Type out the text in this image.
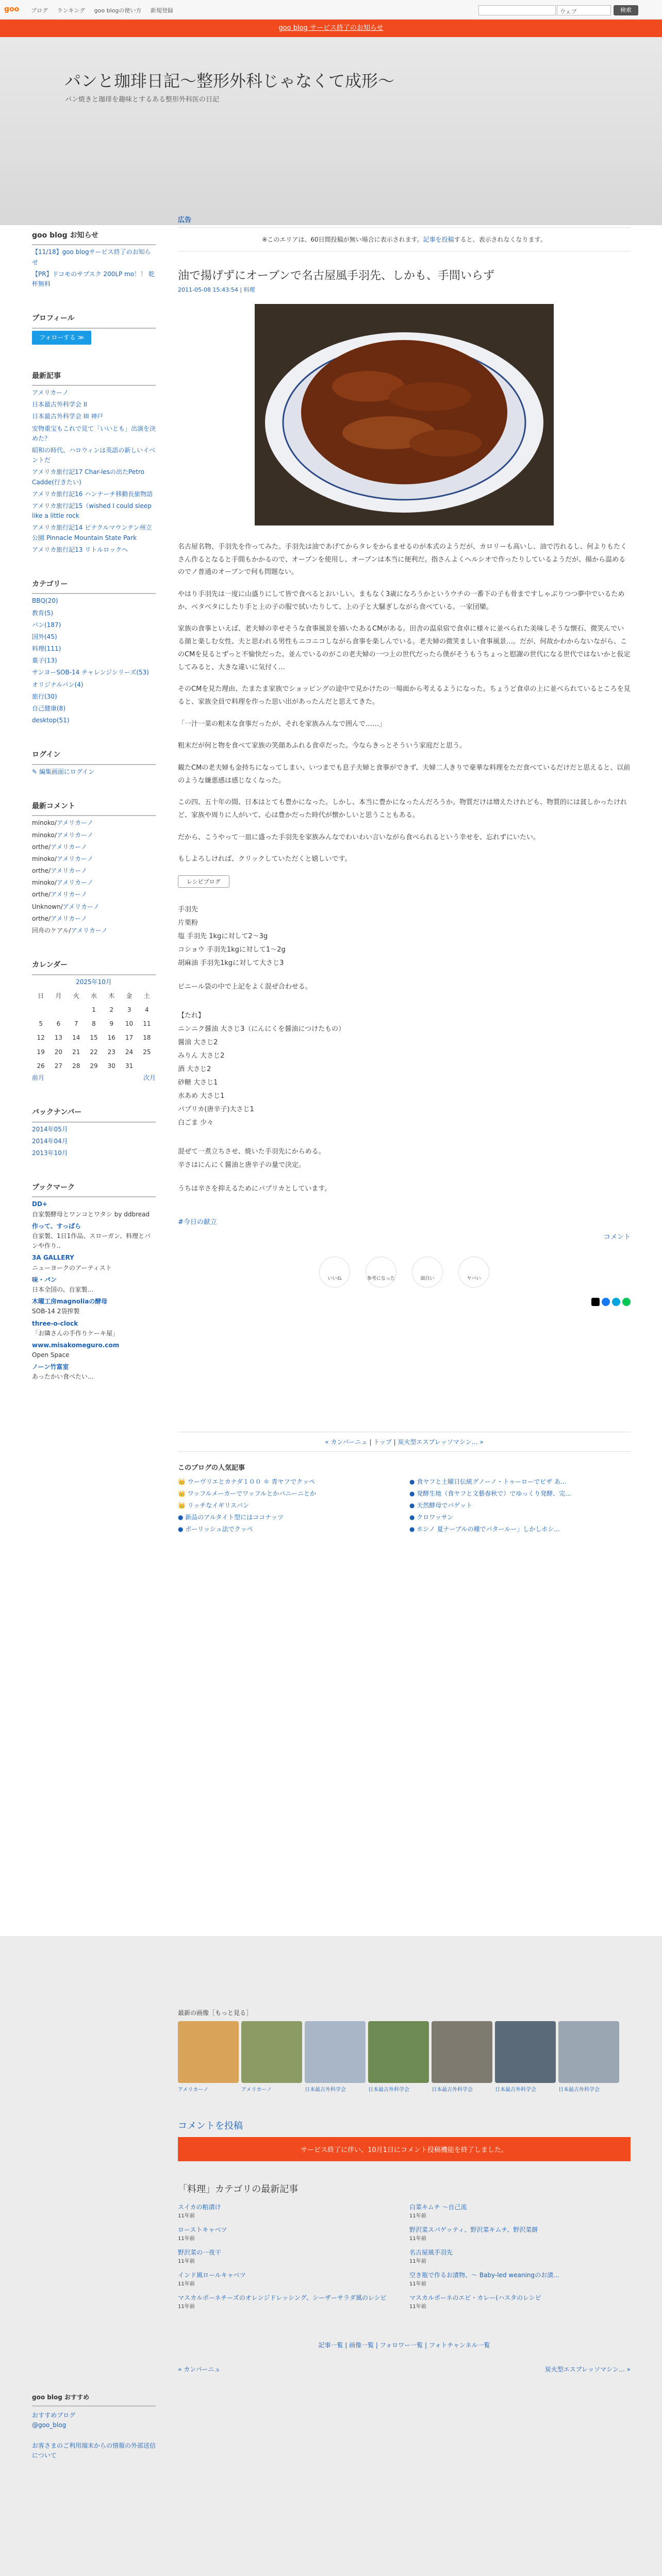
goo ブログ ランキング goo blogの使い方 新規登録	ウェブ	検索
goo blog サービス終了のお知らせ
パンと珈琲日記〜整形外科じゃなくて成形〜
パン焼きと珈琲を趣味とするある整形外科医の日記
goo blog お知らせ
【11/18】goo blogサービス終了のお知らせ
【PR】ドコモのサブスク 200LP mo！！ 乾杯無料
プロフィール
フォローする ≫
最新記事
アメリカーノ
日本最古外科学会 II
日本最古外科学会 III 神戸
安物重宝もこれで見て「いいとも」出演を決めた？
昭和の時代、ハロウィンは英語の新しいイベントだ
アメリカ旅行記17 Char-lesの出たPetro Cadde(行きたい)
アメリカ旅行記16 ハンナーチ移動長旅物語
アメリカ旅行記15（wished I could sleep like a little rock
アメリカ旅行記14 ピナクルマウンテン州立公園 Pinnacle Mountain State Park
アメリカ旅行記13 リトルロックへ
カテゴリー
BBQ(20)
教育(5)
パン(187)
国外(45)
料理(111)
菓子(13)
サンヨーSOB-14 チャレンジシリーズ(53)
オリジナルパン(4)
旅行(30)
自己健康(8)
desktop(51)
ログイン
✎ 編集画面にログイン
最新コメント
minoko/アメリカーノ
minoko/アメリカーノ
orthe/アメリカーノ
minoko/アメリカーノ
orthe/アメリカーノ
minoko/アメリカーノ
orthe/アメリカーノ
Unknown/アメリカーノ
orthe/アメリカーノ
回舟のケアル/アメリカーノ
カレンダー
2025年10月
日	月	火	水	木	金	土
			1	2	3	4
5	6	7	8	9	10	11
12	13	14	15	16	17	18
19	20	21	22	23	24	25
26	27	28	29	30	31	
前月	次月
バックナンバー
2014年05月
2014年04月
2013年10月
ブックマーク
DD+
自家製酵母とワンコとワタシ by ddbread
作って、すっぱら
自家製、1日1作品、スローガン、料理とパンや作り..
3A GALLERY
ニューヨークのアーティスト
味・パン
日本全国の、自家製…
木曜工房magnoliaの酵母
SOB-14 2袋搾製
three-o-clock
「お隣さんの手作りケーキ屋」
www.misakomeguro.com
Open Space
ノーン竹富室
あったかい食べたい…
広告
※このエリアは、60日間投稿が無い場合に表示されます。記事を投稿すると、表示されなくなります。
油で揚げずにオーブンで名古屋風手羽先、しかも、手間いらず
2011-05-08 15:43:54 | 料理
名古屋名物、手羽先を作ってみた。手羽先は油であげてからタレをからませるのが本式のようだが、カロリーも高いし、油で汚れるし、何よりもたくさん作るとなると手間もかかるので、オーブンを使用し、オーブンは本当に便利だ。指さんよくヘルシオで作ったりしているようだが、揚から温めるのでノ普通のオーブンで何も問題ない。
やはり手羽先は一度に山盛りにして皆で食べるとおいしい。まもなく3歳になろうかというウチの一番下の子も骨まですしゃぶりつつ夢中でいるためか、ベタベタにしたり手と上の子の服で拭いたりして、上の子と大騒ぎしながら食べている。一家団欒。
家族の食事といえば、老夫婦の幸せそうな食事風景を描いたあるCMがある。田舎の温泉宿で食卓に様々に並べられた美味しそうな懐石、微笑んでいる顔と楽しむ女性、夫と思われる男性もニコニコしながら食事を楽しんでいる。老夫婦の微笑ましい食事風景…。だが、何故かわからないながら、このCMを見るとずっと不愉快だった。並んでいるのがこの老夫婦の一つ上の世代だったら僕がそうもうちょっと慰謝の世代になる世代ではないかと仮定してみると、大きな違いに気付く…
そのCMを見た理由、たまたま家族でショッピングの途中で見かけたの一場面から考えるようになった。ちょうど食卓の上に並べられているところを見ると、家族全員で料理を作った思い出があったんだと思えてきた。
「一汁一菜の粗末な食事だったが、それを家族みんなで囲んで……」
粗末だが何と物を食べて家族の笑顔あふれる食卓だった。今ならきっとそういう家庭だと思う。
観たCMの老夫婦も金持ちになってしまい、いつまでも息子夫婦と食事ができず、夫婦二人きりで豪華な料理をただ食べているだけだと思えると、以前のような嫌悪感は感じなくなった。
この四、五十年の間、日本はとても豊かになった。しかし、本当に豊かになったんだろうか。物質だけは増えたけれども、物質的には貧しかったけれど、家族や周りに人がいて、心は豊かだった時代が懐かしいと思うこともある。
だから、こうやって一皿に盛った手羽先を家族みんなでわいわい言いながら食べられるという幸せを、忘れずにいたい。
もしよろしければ、クリックしていただくと嬉しいです。
レシピブログ
手羽先
片栗粉
塩 手羽先 1kgに対して2〜3g
コショウ 手羽先1kgに対して1〜2g
胡麻油 手羽先1kgに対して大さじ3
ビニール袋の中で上記をよく混ぜ合わせる。
【たれ】
ニンニク醤油 大さじ3（にんにくを醤油につけたもの）
醤油 大さじ2
みりん 大さじ2
酒 大さじ2
砂糖 大さじ1
水あめ 大さじ1
パプリカ(唐辛子)大さじ1
白ごま 少々
混ぜて一煮立ちさせ、焼いた手羽先にからめる。
辛さはにんにく醤油と唐辛子の量で決定。
うちは辛さを抑えるためにパプリカとしています。
#今日の献立
コメント
いいね	参考になった	面白い	ヤバい

« カンパーニュ | トップ | 炭火型エスプレッソマシン… »
このブログの人気記事
👑 ウーヴリエとカナダ１００ ＊ 青ヤフでクッペ	● 食ヤフと土曜日伝統グノーノ・トゥーローでピザ あ...
👑 ワッフルメーカーでワッフルとかバニーニとか	● 発酵生地（食ヤフと文藝春秋で）でゆっくり発酵、完...
👑 リッチなイギリスパン	● 天然酵母でバゲット
● 新品のアルタイト型にはココナッツ	● クロワッサン
● ポーリッシュ法でクッペ	● ホシノ 夏ナーブルの種でバタールー」しかしホシ...
goo blog おすすめ
おすすめブログ
@goo_blog
お客さまのご利用端末からの情報の外部送信について
最新の画像［もっと見る］
アメリカーノ	アメリカーノ	日本最古外科学会	日本最古外科学会	日本最古外科学会	日本最古外科学会	日本最古外科学会
コメントを投稿
サービス終了に伴い、10月1日にコメント投稿機能を終了しました。
「料理」カテゴリの最新記事
スイカの粕漬け
11年前
白菜キムチ 〜自己流
11年前
ローストキャベツ
11年前
野沢菜スパゲッティ、野沢菜キムチ、野沢菜餅
11年前
野沢菜の一夜干
11年前
名古屋風手羽先
11年前
インド風ロールキャベツ
11年前
空き瓶で作るお漬物、〜 Baby-led weaningのお漬...
11年前
マスカルポーネチーズのオレンジドレッシング、シーザーサラダ風のレシピ
11年前
マスカルポーネのエビ・カレー(ハスタのレシピ
11年前
記事一覧 | 画像一覧 | フォロワー一覧 | フォトチャンネル一覧
« カンパーニュ	炭火型エスプレッソマシン… »
